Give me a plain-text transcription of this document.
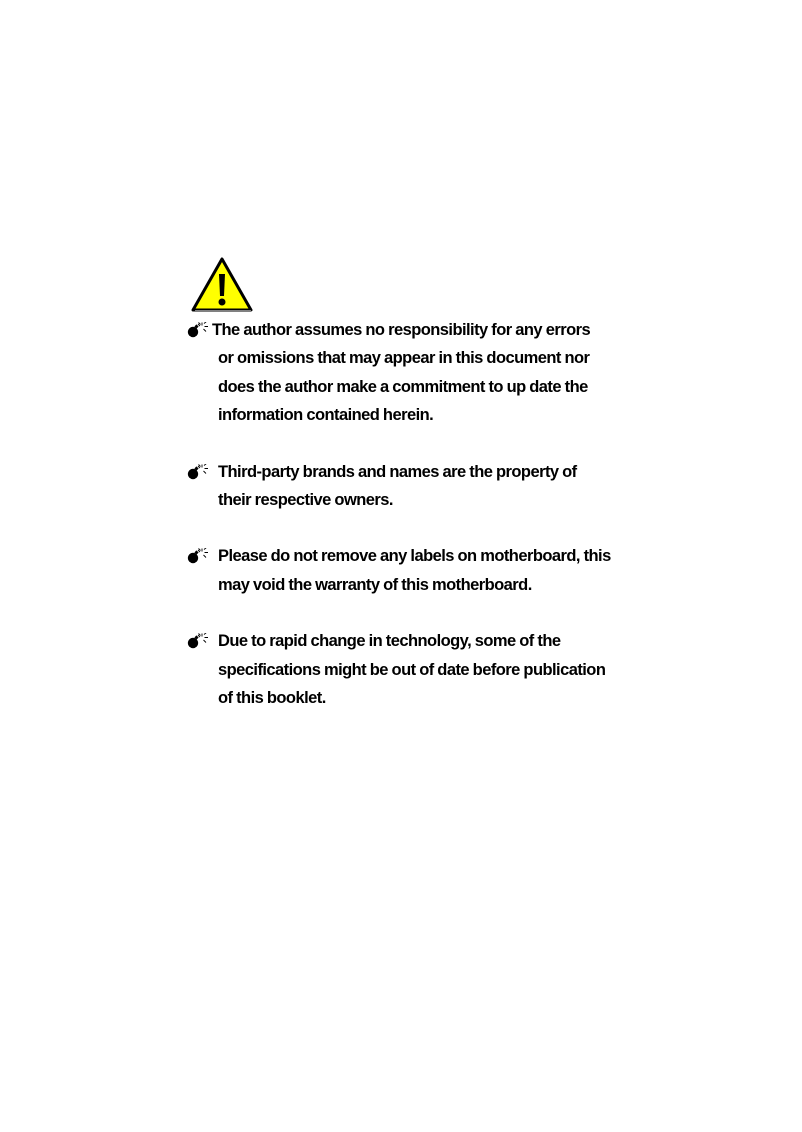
The author assumes no responsibility for any errors
or omissions that may appear in this document nor
does the author make a commitment to up date the
information contained herein.
Third-party brands and names are the property of
their respective owners.
Please do not remove any labels on motherboard, this
may void the warranty of this motherboard.
Due to rapid change in technology, some of the
specifications might be out of date before publication
of this booklet.
